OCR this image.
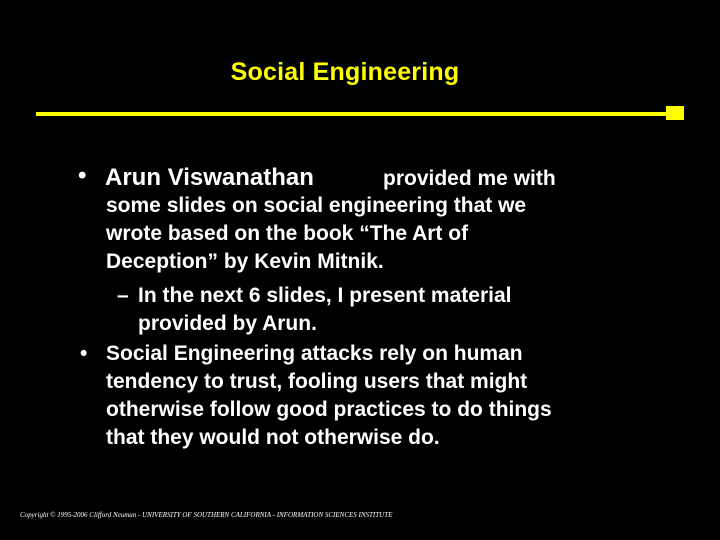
Social Engineering
• Arun Viswanathan	provided me with
some slides on social engineering that we
wrote based on the book “The Art of
Deception” by Kevin Mitnik.
– In the next 6 slides, I present material
provided by Arun.
• Social Engineering attacks rely on human
tendency to trust, fooling users that might
otherwise follow good practices to do things
that they would not otherwise do.
Copyright © 1995-2006 Clifford Neuman - UNIVERSITY OF SOUTHERN CALIFORNIA - INFORMATION SCIENCES INSTITUTE
